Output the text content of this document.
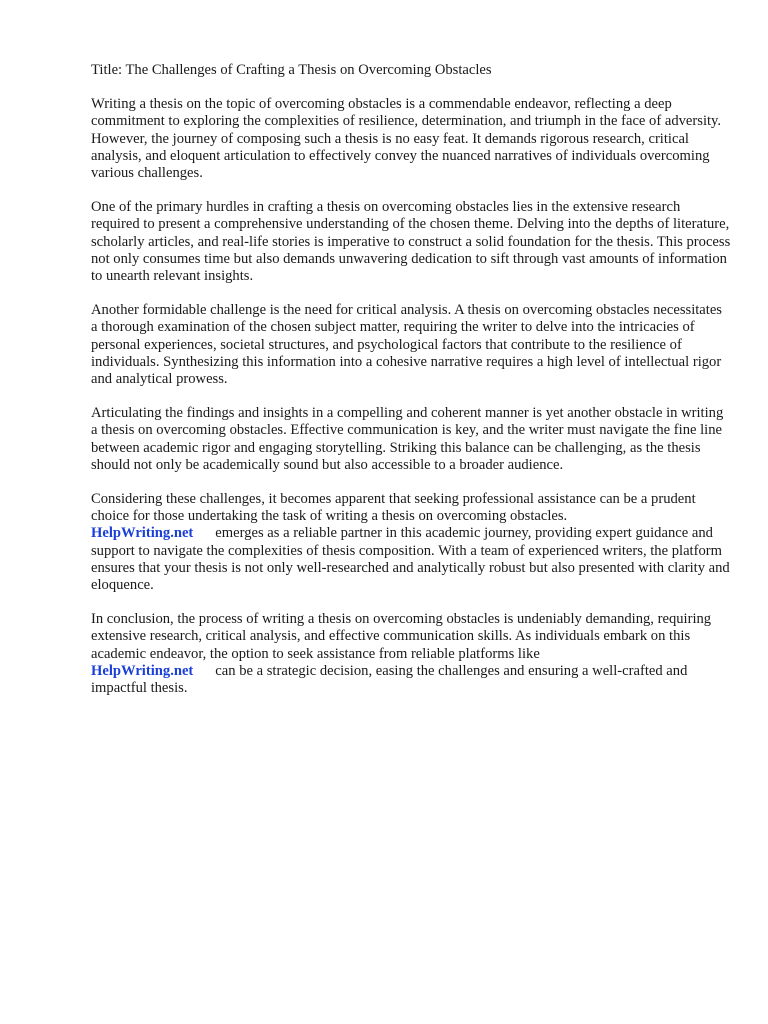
Title: The Challenges of Crafting a Thesis on Overcoming Obstacles

Writing a thesis on the topic of overcoming obstacles is a commendable endeavor, reflecting a deep commitment to exploring the complexities of resilience, determination, and triumph in the face of adversity. However, the journey of composing such a thesis is no easy feat. It demands rigorous research, critical analysis, and eloquent articulation to effectively convey the nuanced narratives of individuals overcoming various challenges.

One of the primary hurdles in crafting a thesis on overcoming obstacles lies in the extensive research required to present a comprehensive understanding of the chosen theme. Delving into the depths of literature, scholarly articles, and real-life stories is imperative to construct a solid foundation for the thesis. This process not only consumes time but also demands unwavering dedication to sift through vast amounts of information to unearth relevant insights.

Another formidable challenge is the need for critical analysis. A thesis on overcoming obstacles necessitates a thorough examination of the chosen subject matter, requiring the writer to delve into the intricacies of personal experiences, societal structures, and psychological factors that contribute to the resilience of individuals. Synthesizing this information into a cohesive narrative requires a high level of intellectual rigor and analytical prowess.

Articulating the findings and insights in a compelling and coherent manner is yet another obstacle in writing a thesis on overcoming obstacles. Effective communication is key, and the writer must navigate the fine line between academic rigor and engaging storytelling. Striking this balance can be challenging, as the thesis should not only be academically sound but also accessible to a broader audience.

Considering these challenges, it becomes apparent that seeking professional assistance can be a prudent choice for those undertaking the task of writing a thesis on overcoming obstacles.
HelpWriting.net emerges as a reliable partner in this academic journey, providing expert guidance and support to navigate the complexities of thesis composition. With a team of experienced writers, the platform ensures that your thesis is not only well-researched and analytically robust but also presented with clarity and eloquence.

In conclusion, the process of writing a thesis on overcoming obstacles is undeniably demanding, requiring extensive research, critical analysis, and effective communication skills. As individuals embark on this academic endeavor, the option to seek assistance from reliable platforms like
HelpWriting.net can be a strategic decision, easing the challenges and ensuring a well-crafted and impactful thesis.
